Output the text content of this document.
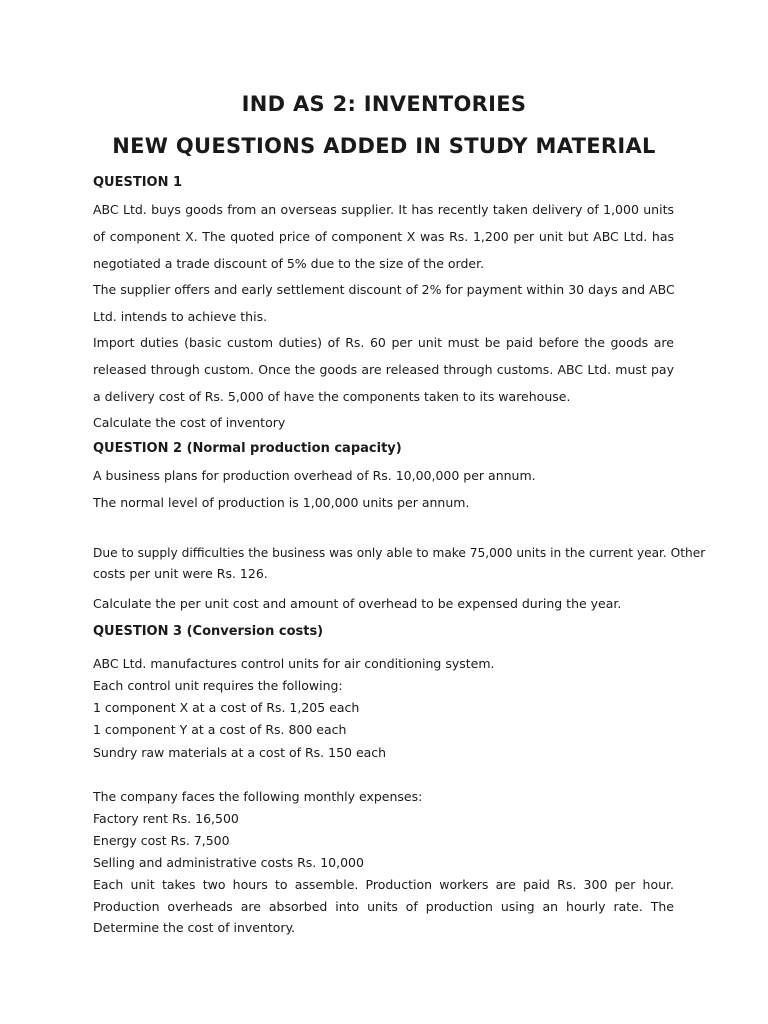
IND AS 2: INVENTORIES
NEW QUESTIONS ADDED IN STUDY MATERIAL
QUESTION 1
ABC Ltd. buys goods from an overseas supplier. It has recently taken delivery of 1,000 units
of component X. The quoted price of component X was Rs. 1,200 per unit but ABC Ltd. has
negotiated a trade discount of 5% due to the size of the order.
The supplier offers and early settlement discount of 2% for payment within 30 days and ABC
Ltd. intends to achieve this.
Import duties (basic custom duties) of Rs. 60 per unit must be paid before the goods are
released through custom. Once the goods are released through customs. ABC Ltd. must pay
a delivery cost of Rs. 5,000 of have the components taken to its warehouse.
Calculate the cost of inventory
QUESTION 2 (Normal production capacity)
A business plans for production overhead of Rs. 10,00,000 per annum.
The normal level of production is 1,00,000 units per annum.
Due to supply difficulties the business was only able to make 75,000 units in the current year. Other
costs per unit were Rs. 126.
Calculate the per unit cost and amount of overhead to be expensed during the year.
QUESTION 3 (Conversion costs)
ABC Ltd. manufactures control units for air conditioning system.
Each control unit requires the following:
1 component X at a cost of Rs. 1,205 each
1 component Y at a cost of Rs. 800 each
Sundry raw materials at a cost of Rs. 150 each
The company faces the following monthly expenses:
Factory rent Rs. 16,500
Energy cost Rs. 7,500
Selling and administrative costs Rs. 10,000
Each unit takes two hours to assemble. Production workers are paid Rs. 300 per hour.
Production overheads are absorbed into units of production using an hourly rate. The
Determine the cost of inventory.
